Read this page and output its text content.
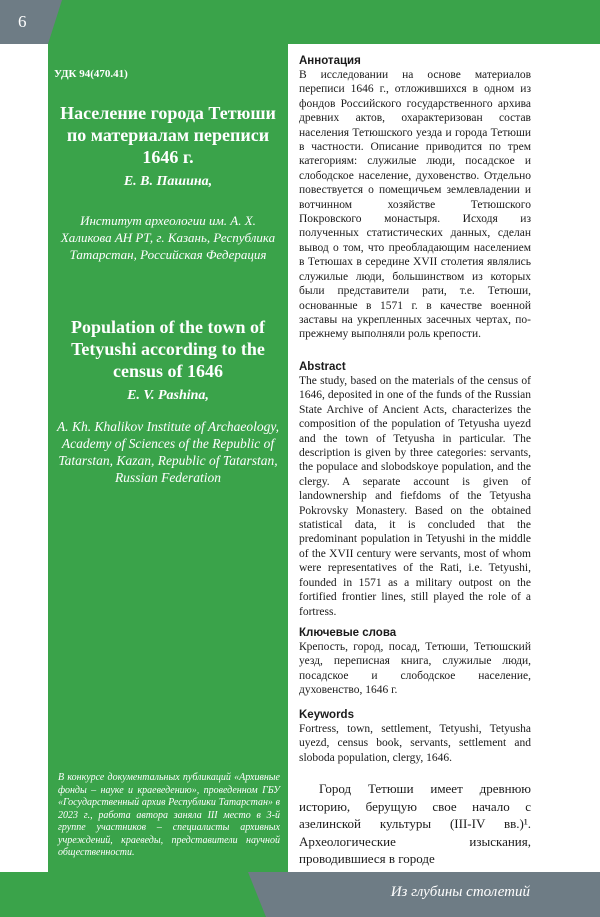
6
УДК 94(470.41)
Население города Тетюши по материалам переписи 1646 г.
Е. В. Пашина,
Институт археологии им. А. Х. Халикова АН РТ, г. Казань, Республика Татарстан, Российская Федерация
Population of the town of Tetyushi according to the census of 1646
E. V. Pashina,
A. Kh. Khalikov Institute of Archaeology, Academy of Sciences of the Republic of Tatarstan, Kazan, Republic of Tatarstan, Russian Federation
В конкурсе документальных публикаций «Архивные фонды – науке и краеведению», проведенном ГБУ «Государственный архив Республики Татарстан» в 2023 г., работа автора заняла III место в 3-й группе участников – специалисты архивных учреждений, краеведы, представители научной общественности.
Аннотация

В исследовании на основе материалов переписи 1646 г., отложившихся в одном из фондов Российского государственного архива древних актов, охарактеризован состав населения Тетюшского уезда и города Тетюши в частности. Описание приводится по трем категориям: служилые люди, посадское и слободское население, духовенство. Отдельно повествуется о помещичьем землевладении и вотчинном хозяйстве Тетюшского Покровского монастыря. Исходя из полученных статистических данных, сделан вывод о том, что преобладающим населением в Тетюшах в середине XVII столетия являлись служилые люди, большинством из которых были представители рати, т.е. Тетюши, основанные в 1571 г. в качестве военной заставы на укрепленных засечных чертах, по-прежнему выполняли роль крепости.

Abstract

The study, based on the materials of the census of 1646, deposited in one of the funds of the Russian State Archive of Ancient Acts, characterizes the composition of the population of Tetyusha uyezd and the town of Tetyusha in particular. The description is given by three categories: servants, the populace and slobodskoye population, and the clergy. A separate account is given of landownership and fiefdoms of the Tetyusha Pokrovsky Monastery. Based on the obtained statistical data, it is concluded that the predominant population in Tetyushi in the middle of the XVII century were servants, most of whom were representatives of the Rati, i.e. Tetyushi, founded in 1571 as a military outpost on the fortified frontier lines, still played the role of a fortress.

Ключевые слова

Крепость, город, посад, Тетюши, Тетюшский уезд, переписная книга, служилые люди, посадское и слободское население, духовенство, 1646 г.

Keywords

Fortress, town, settlement, Tetyushi, Tetyusha uyezd, census book, servants, settlement and sloboda population, clergy, 1646.

Город Тетюши имеет древнюю историю, берущую свое начало с азелинской культуры (III-IV вв.)¹. Археологические изыскания, проводившиеся в городе

Из глубины столетий
